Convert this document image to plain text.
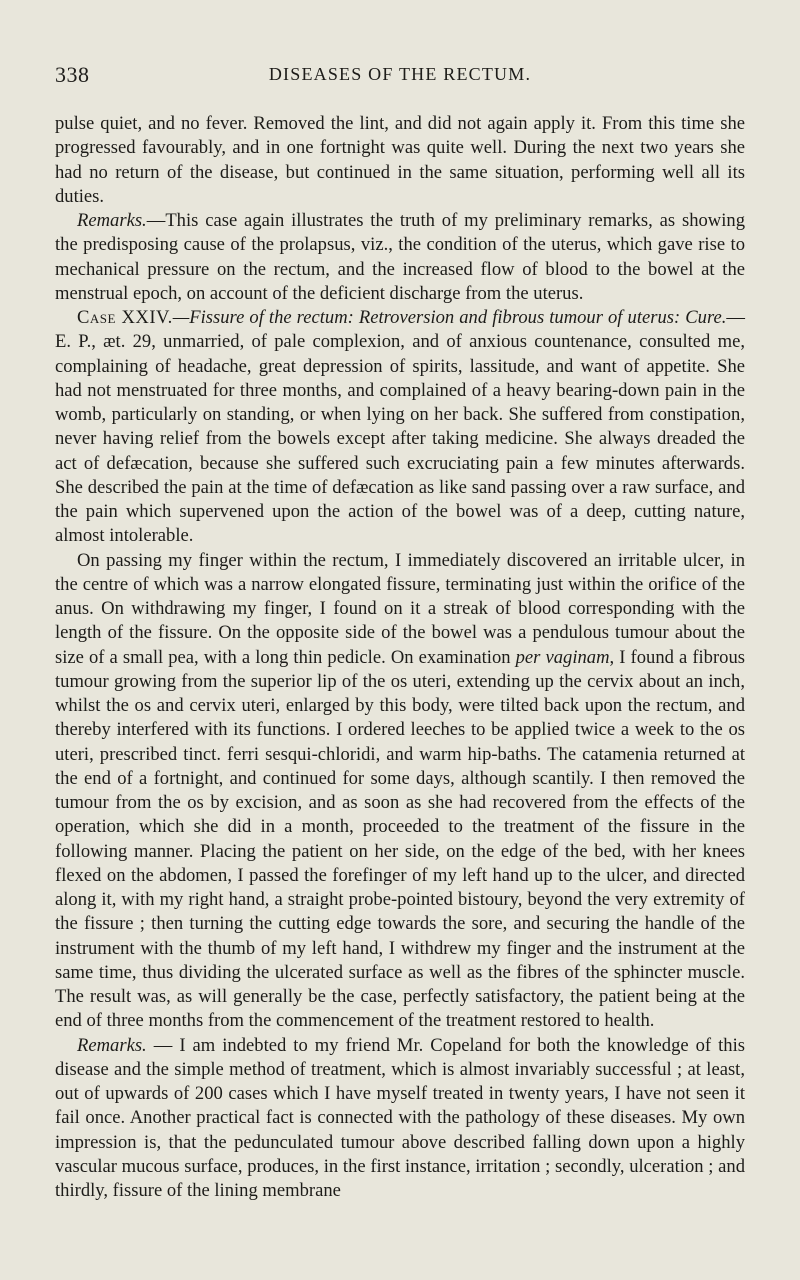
338	DISEASES OF THE RECTUM.

pulse quiet, and no fever. Removed the lint, and did not again apply it. From this time she progressed favourably, and in one fortnight was quite well. During the next two years she had no return of the disease, but continued in the same situation, performing well all its duties.

Remarks.—This case again illustrates the truth of my preliminary remarks, as showing the predisposing cause of the prolapsus, viz., the condition of the uterus, which gave rise to mechanical pressure on the rectum, and the increased flow of blood to the bowel at the menstrual epoch, on account of the deficient discharge from the uterus.

Case XXIV.—Fissure of the rectum: Retroversion and fibrous tumour of uterus: Cure.—E. P., æt. 29, unmarried, of pale complexion, and of anxious countenance, consulted me, complaining of headache, great depression of spirits, lassitude, and want of appetite. She had not menstruated for three months, and complained of a heavy bearing-down pain in the womb, particularly on standing, or when lying on her back. She suffered from constipation, never having relief from the bowels except after taking medicine. She always dreaded the act of defæcation, because she suffered such excruciating pain a few minutes afterwards. She described the pain at the time of defæcation as like sand passing over a raw surface, and the pain which supervened upon the action of the bowel was of a deep, cutting nature, almost intolerable.

On passing my finger within the rectum, I immediately discovered an irritable ulcer, in the centre of which was a narrow elongated fissure, terminating just within the orifice of the anus. On withdrawing my finger, I found on it a streak of blood corresponding with the length of the fissure. On the opposite side of the bowel was a pendulous tumour about the size of a small pea, with a long thin pedicle. On examination per vaginam, I found a fibrous tumour growing from the superior lip of the os uteri, extending up the cervix about an inch, whilst the os and cervix uteri, enlarged by this body, were tilted back upon the rectum, and thereby interfered with its functions. I ordered leeches to be applied twice a week to the os uteri, prescribed tinct. ferri sesqui-chloridi, and warm hip-baths. The catamenia returned at the end of a fortnight, and continued for some days, although scantily. I then removed the tumour from the os by excision, and as soon as she had recovered from the effects of the operation, which she did in a month, proceeded to the treatment of the fissure in the following manner. Placing the patient on her side, on the edge of the bed, with her knees flexed on the abdomen, I passed the forefinger of my left hand up to the ulcer, and directed along it, with my right hand, a straight probe-pointed bistoury, beyond the very extremity of the fissure ; then turning the cutting edge towards the sore, and securing the handle of the instrument with the thumb of my left hand, I withdrew my finger and the instrument at the same time, thus dividing the ulcerated surface as well as the fibres of the sphincter muscle. The result was, as will generally be the case, perfectly satisfactory, the patient being at the end of three months from the commencement of the treatment restored to health.

Remarks. — I am indebted to my friend Mr. Copeland for both the knowledge of this disease and the simple method of treatment, which is almost invariably successful ; at least, out of upwards of 200 cases which I have myself treated in twenty years, I have not seen it fail once. Another practical fact is connected with the pathology of these diseases. My own impression is, that the pedunculated tumour above described falling down upon a highly vascular mucous surface, produces, in the first instance, irritation ; secondly, ulceration ; and thirdly, fissure of the lining membrane
